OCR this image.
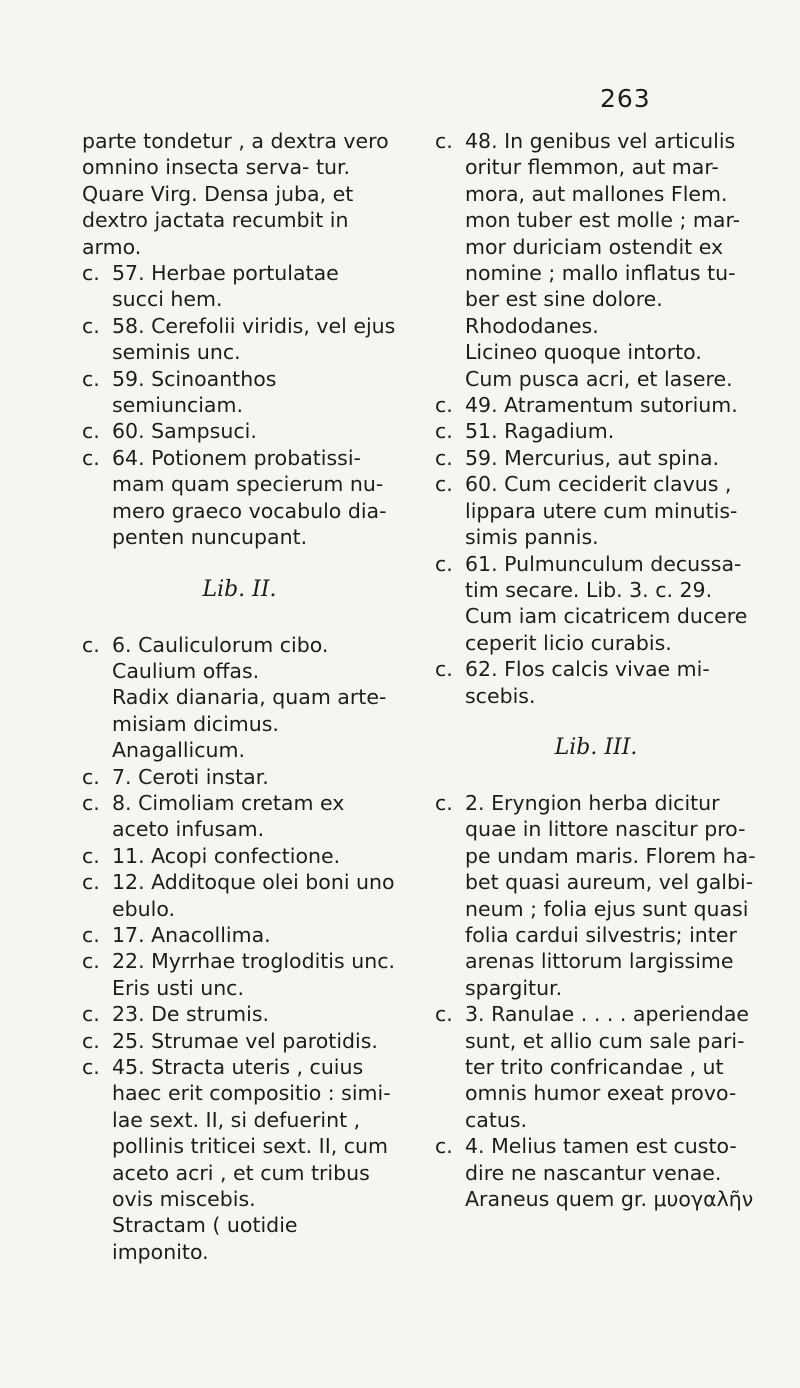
263

parte tondetur , a dextra vero omnino insecta serva- tur. Quare Virg. Densa juba, et dextro jactata recumbit in armo.

c. 57. Herbae portulatae succi hem.

c. 58. Cerefolii viridis, vel ejus seminis unc.

c. 59. Scinoanthos semiunciam.

c. 60. Sampsuci.

c. 64. Potionem probatissi- mam quam specierum nu- mero graeco vocabulo dia- penten nuncupant.

Lib. II.

c. 6. Cauliculorum cibo.

Caulium offas.

Radix dianaria, quam arte- misiam dicimus.

Anagallicum.

c. 7. Ceroti instar.

c. 8. Cimoliam cretam ex aceto infusam.

c. 11. Acopi confectione.

c. 12. Additoque olei boni uno ebulo.

c. 17. Anacollima.

c. 22. Myrrhae trogloditis unc. Eris usti unc.

c. 23. De strumis.

c. 25. Strumae vel parotidis.

c. 45. Stracta uteris , cuius haec erit compositio : simi- lae sext. II, si defuerint , pollinis triticei sext. II, cum aceto acri , et cum tribus ovis miscebis.

Stractam ( uotidie imponito.

c. 48. In genibus vel articulis oritur flemmon, aut mar- mora, aut mallones Flem. mon tuber est molle ; mar- mor duriciam ostendit ex nomine ; mallo inflatus tu- ber est sine dolore.

Rhododanes.

Licineo quoque intorto.

Cum pusca acri, et lasere.

c. 49. Atramentum sutorium.

c. 51. Ragadium.

c. 59. Mercurius, aut spina.

c. 60. Cum ceciderit clavus , lippara utere cum minutis- simis pannis.

c. 61. Pulmunculum decussa- tim secare. Lib. 3. c. 29.

Cum iam cicatricem ducere ceperit licio curabis.

c. 62. Flos calcis vivae mi- scebis.

Lib. III.

c. 2. Eryngion herba dicitur quae in littore nascitur pro- pe undam maris. Florem ha- bet quasi aureum, vel galbi- neum ; folia ejus sunt quasi folia cardui silvestris; inter arenas littorum largissime spargitur.

c. 3. Ranulae . . . . aperiendae sunt, et allio cum sale pari- ter trito confricandae , ut omnis humor exeat provo- catus.

c. 4. Melius tamen est custo- dire ne nascantur venae.

Araneus quem gr. μυογαλῆν
